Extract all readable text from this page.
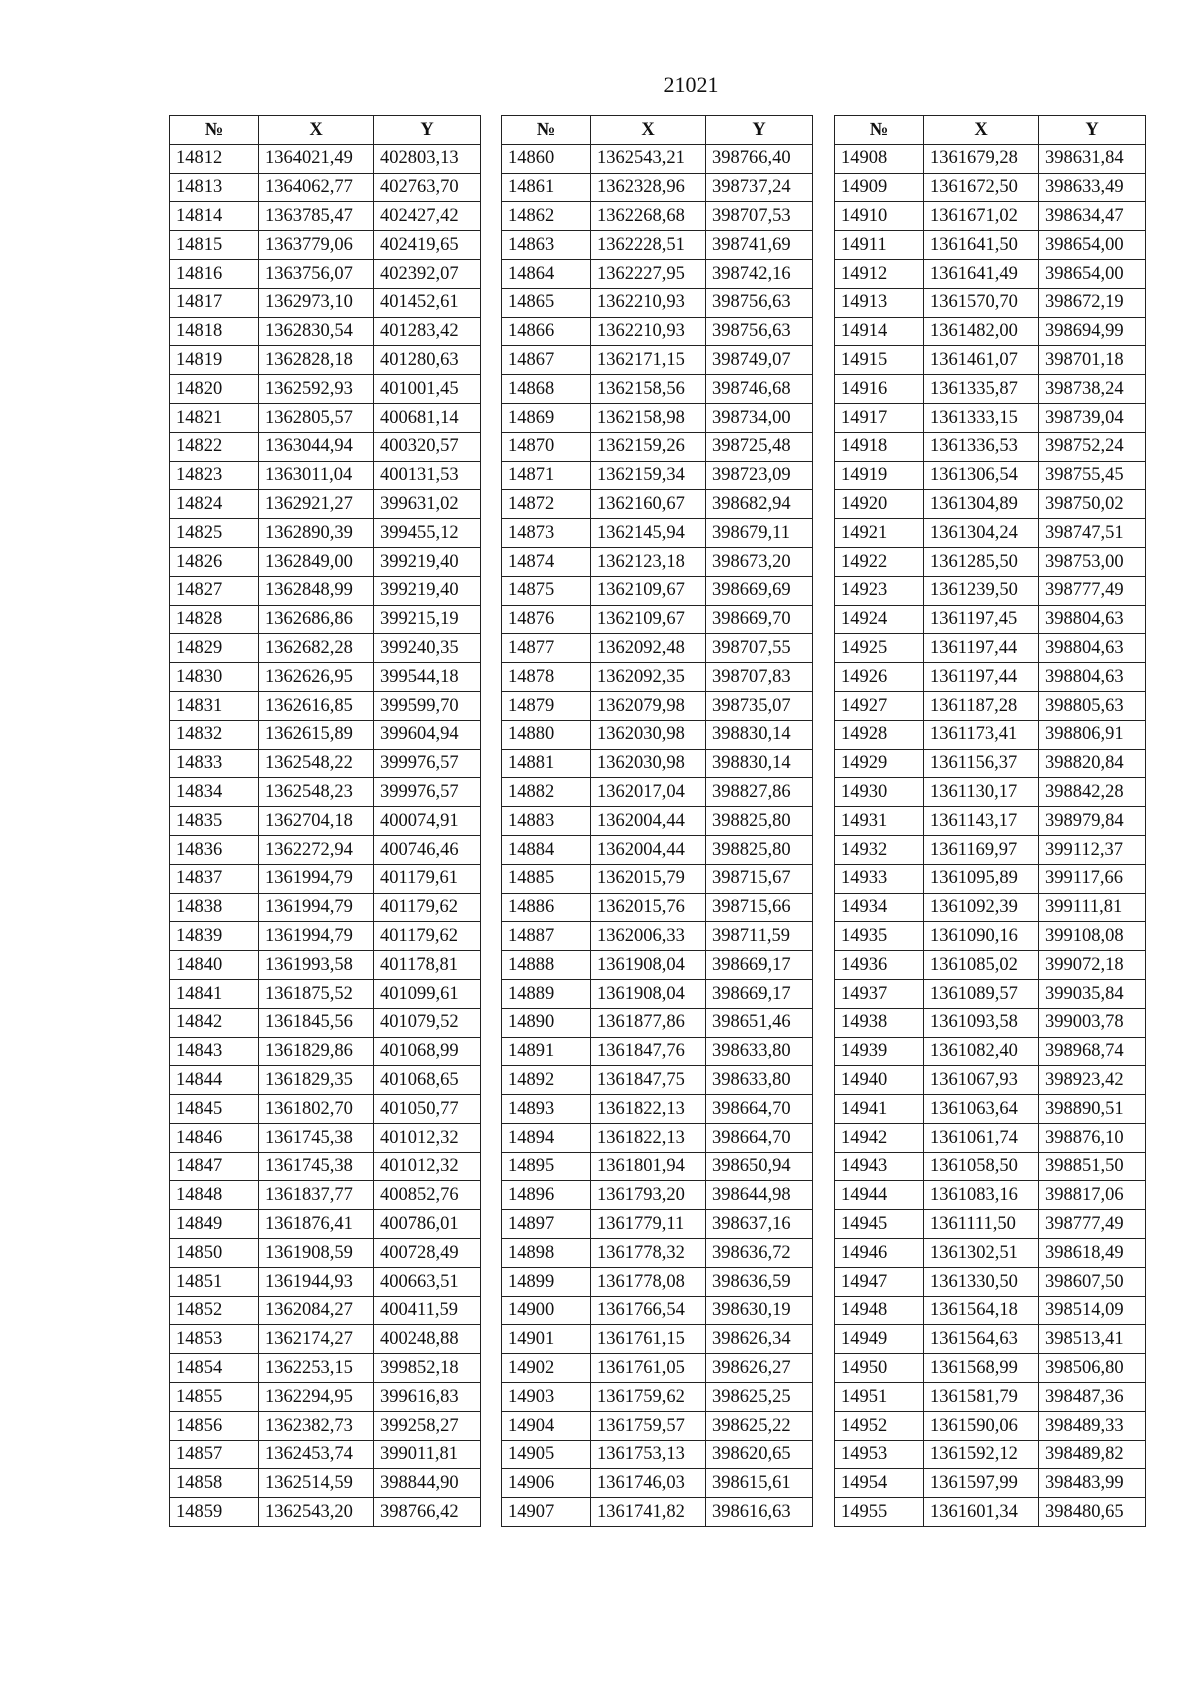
21021
№	X	Y
14812	1364021,49	402803,13
14813	1364062,77	402763,70
14814	1363785,47	402427,42
14815	1363779,06	402419,65
14816	1363756,07	402392,07
14817	1362973,10	401452,61
14818	1362830,54	401283,42
14819	1362828,18	401280,63
14820	1362592,93	401001,45
14821	1362805,57	400681,14
14822	1363044,94	400320,57
14823	1363011,04	400131,53
14824	1362921,27	399631,02
14825	1362890,39	399455,12
14826	1362849,00	399219,40
14827	1362848,99	399219,40
14828	1362686,86	399215,19
14829	1362682,28	399240,35
14830	1362626,95	399544,18
14831	1362616,85	399599,70
14832	1362615,89	399604,94
14833	1362548,22	399976,57
14834	1362548,23	399976,57
14835	1362704,18	400074,91
14836	1362272,94	400746,46
14837	1361994,79	401179,61
14838	1361994,79	401179,62
14839	1361994,79	401179,62
14840	1361993,58	401178,81
14841	1361875,52	401099,61
14842	1361845,56	401079,52
14843	1361829,86	401068,99
14844	1361829,35	401068,65
14845	1361802,70	401050,77
14846	1361745,38	401012,32
14847	1361745,38	401012,32
14848	1361837,77	400852,76
14849	1361876,41	400786,01
14850	1361908,59	400728,49
14851	1361944,93	400663,51
14852	1362084,27	400411,59
14853	1362174,27	400248,88
14854	1362253,15	399852,18
14855	1362294,95	399616,83
14856	1362382,73	399258,27
14857	1362453,74	399011,81
14858	1362514,59	398844,90
14859	1362543,20	398766,42
№	X	Y
14860	1362543,21	398766,40
14861	1362328,96	398737,24
14862	1362268,68	398707,53
14863	1362228,51	398741,69
14864	1362227,95	398742,16
14865	1362210,93	398756,63
14866	1362210,93	398756,63
14867	1362171,15	398749,07
14868	1362158,56	398746,68
14869	1362158,98	398734,00
14870	1362159,26	398725,48
14871	1362159,34	398723,09
14872	1362160,67	398682,94
14873	1362145,94	398679,11
14874	1362123,18	398673,20
14875	1362109,67	398669,69
14876	1362109,67	398669,70
14877	1362092,48	398707,55
14878	1362092,35	398707,83
14879	1362079,98	398735,07
14880	1362030,98	398830,14
14881	1362030,98	398830,14
14882	1362017,04	398827,86
14883	1362004,44	398825,80
14884	1362004,44	398825,80
14885	1362015,79	398715,67
14886	1362015,76	398715,66
14887	1362006,33	398711,59
14888	1361908,04	398669,17
14889	1361908,04	398669,17
14890	1361877,86	398651,46
14891	1361847,76	398633,80
14892	1361847,75	398633,80
14893	1361822,13	398664,70
14894	1361822,13	398664,70
14895	1361801,94	398650,94
14896	1361793,20	398644,98
14897	1361779,11	398637,16
14898	1361778,32	398636,72
14899	1361778,08	398636,59
14900	1361766,54	398630,19
14901	1361761,15	398626,34
14902	1361761,05	398626,27
14903	1361759,62	398625,25
14904	1361759,57	398625,22
14905	1361753,13	398620,65
14906	1361746,03	398615,61
14907	1361741,82	398616,63
№	X	Y
14908	1361679,28	398631,84
14909	1361672,50	398633,49
14910	1361671,02	398634,47
14911	1361641,50	398654,00
14912	1361641,49	398654,00
14913	1361570,70	398672,19
14914	1361482,00	398694,99
14915	1361461,07	398701,18
14916	1361335,87	398738,24
14917	1361333,15	398739,04
14918	1361336,53	398752,24
14919	1361306,54	398755,45
14920	1361304,89	398750,02
14921	1361304,24	398747,51
14922	1361285,50	398753,00
14923	1361239,50	398777,49
14924	1361197,45	398804,63
14925	1361197,44	398804,63
14926	1361197,44	398804,63
14927	1361187,28	398805,63
14928	1361173,41	398806,91
14929	1361156,37	398820,84
14930	1361130,17	398842,28
14931	1361143,17	398979,84
14932	1361169,97	399112,37
14933	1361095,89	399117,66
14934	1361092,39	399111,81
14935	1361090,16	399108,08
14936	1361085,02	399072,18
14937	1361089,57	399035,84
14938	1361093,58	399003,78
14939	1361082,40	398968,74
14940	1361067,93	398923,42
14941	1361063,64	398890,51
14942	1361061,74	398876,10
14943	1361058,50	398851,50
14944	1361083,16	398817,06
14945	1361111,50	398777,49
14946	1361302,51	398618,49
14947	1361330,50	398607,50
14948	1361564,18	398514,09
14949	1361564,63	398513,41
14950	1361568,99	398506,80
14951	1361581,79	398487,36
14952	1361590,06	398489,33
14953	1361592,12	398489,82
14954	1361597,99	398483,99
14955	1361601,34	398480,65
